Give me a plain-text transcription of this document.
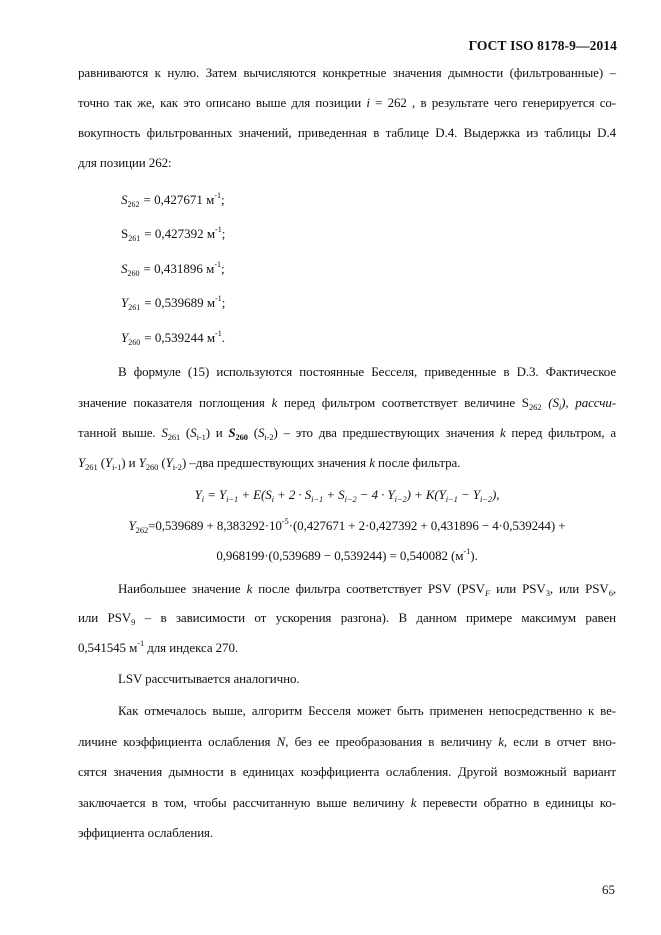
ГОСТ ISO 8178-9—2014
равниваются к нулю. Затем вычисляются конкретные значения дымности (фильтрованные) –
точно так же, как это описано выше для позиции i = 262 , в результате чего генерируется со-
вокупность фильтрованных значений, приведенная в таблице D.4. Выдержка из таблицы D.4
для позиции 262:
$S_{262} = 0,427671$ $м^{-1}$;
$S_{261} = 0,427392$ $м^{-1}$;
$S_{260} = 0,431896$ $м^{-1}$;
$Y_{261} = 0,539689$ $м^{-1}$;
$Y_{260} = 0,539244$ $м^{-1}$.
В формуле (15) используются постоянные Бесселя, приведенные в D.3. Фактическое
значение показателя поглощения k перед фильтром соответствует величине $S_{262}$ $(S_i)$, рассчи-
танной выше. $S_{261}$ $(S_{i-1})$ и $S_{260}$ $(S_{i-2})$ – это два предшествующих значения k перед фильтром, а
$Y_{261}$ $(Y_{i-1})$ и $Y_{260}$ $(Y_{i-2})$ –два предшествующих значения k после фильтра.
$Y_i = Y_{i-1} + E(S_i + 2 \cdot S_{i-1} + S_{i-2} - 4 \cdot Y_{i-2}) + K(Y_{i-1} - Y_{i-2})$,
$Y_{262}=0,539689 + 8,383292\cdot 10^{-5}\cdot(0,427671 + 2\cdot 0,427392 + 0,431896 - 4\cdot 0,539244)$ +
0,968199·(0,539689 − 0,539244) = 0,540082 $(м^{-1})$.
Наибольшее значение k после фильтра соответствует PSV ($PSV_F$ или $PSV_3$, или $PSV_6$,
или $PSV_9$ – в зависимости от ускорения разгона). В данном примере максимум равен
0,541545 $м^{-1}$ для индекса 270.
LSV рассчитывается аналогично.
Как отмечалось выше, алгоритм Бесселя может быть применен непосредственно к ве-
личине коэффициента ослабления N, без ее преобразования в величину k, если в отчет вно-
сятся значения дымности в единицах коэффициента ослабления. Другой возможный вариант
заключается в том, чтобы рассчитанную выше величину k перевести обратно в единицы ко-
эффициента ослабления.
65
